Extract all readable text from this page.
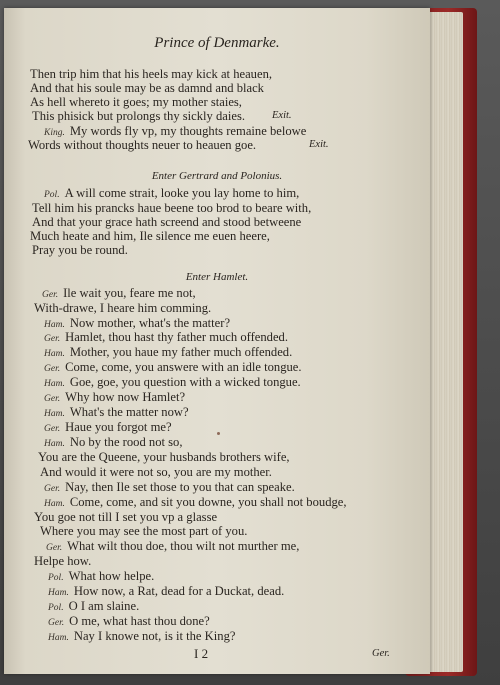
Prince of Denmarke.
Then trip him that his heels may kick at heauen,
And that his soule may be as damnd and black
As hell whereto it goes; my mother staies,
This phisick but prolongs thy sickly daies.	Exit.
King. My words fly vp, my thoughts remaine belowe
Words without thoughts neuer to heauen goe.	Exit.
Enter Gertrard and Polonius.
Pol. A will come strait, looke you lay home to him,
Tell him his prancks haue beene too brod to beare with,
And that your grace hath screend and stood betweene
Much heate and him, Ile silence me euen heere,
Pray you be round.
Enter Hamlet.
Ger. Ile wait you, feare me not,
With-drawe, I heare him comming.
Ham. Now mother, what's the matter?
Ger. Hamlet, thou hast thy father much offended.
Ham. Mother, you haue my father much offended.
Ger. Come, come, you answere with an idle tongue.
Ham. Goe, goe, you question with a wicked tongue.
Ger. Why how now Hamlet?
Ham. What's the matter now?
Ger. Haue you forgot me?
Ham. No by the rood not so,
You are the Queene, your husbands brothers wife,
And would it were not so, you are my mother.
Ger. Nay, then Ile set those to you that can speake.
Ham. Come, come, and sit you downe, you shall not boudge,
You goe not till I set you vp a glasse
Where you may see the most part of you.
Ger. What wilt thou doe, thou wilt not murther me,
Helpe how.
Pol. What how helpe.
Ham. How now, a Rat, dead for a Duckat, dead.
Pol. O I am slaine.
Ger. O me, what hast thou done?
Ham. Nay I knowe not, is it the King?
I 2	Ger.
